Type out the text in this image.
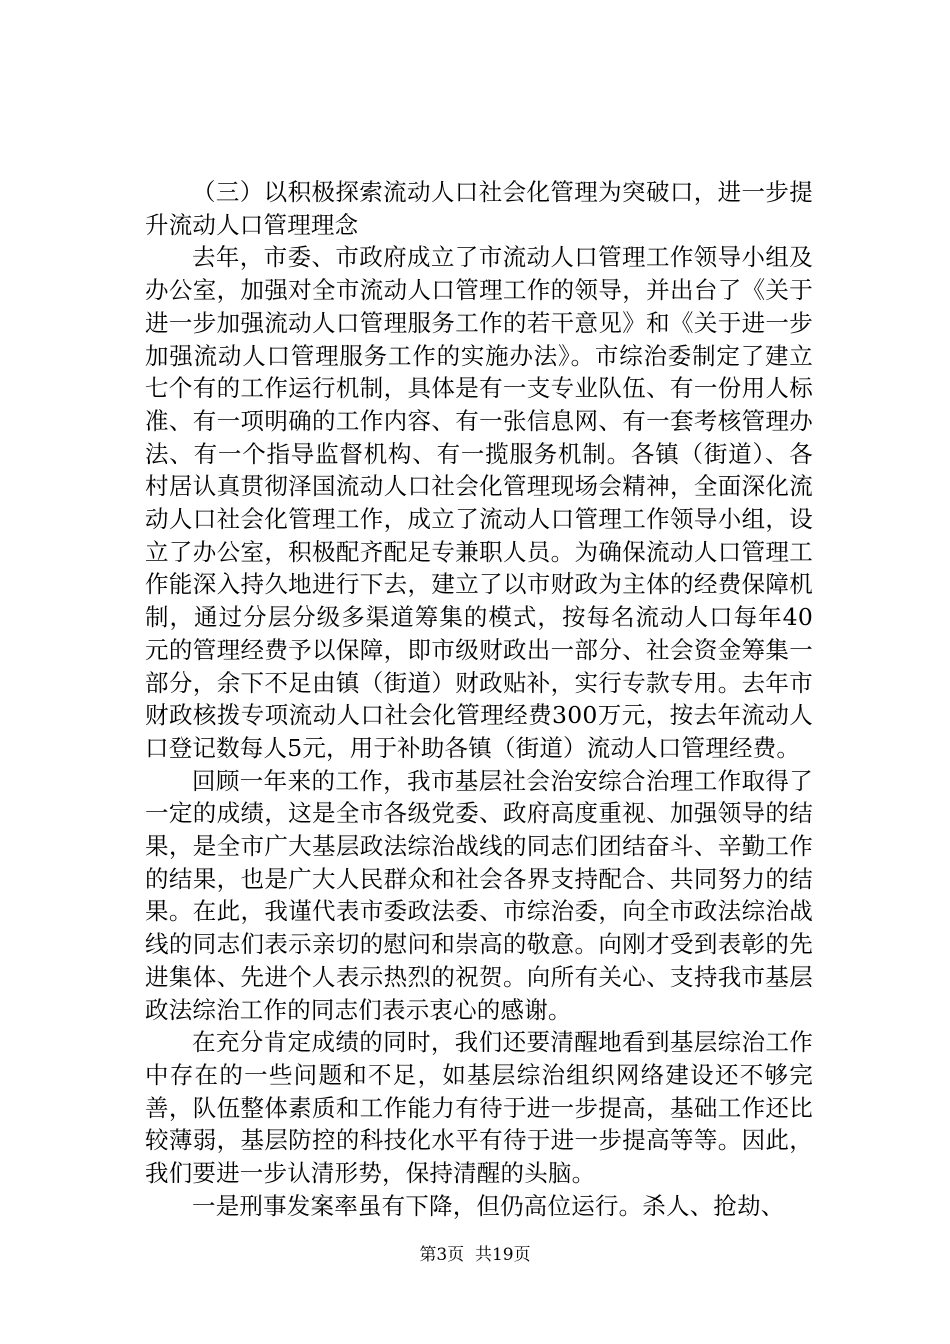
（三）以积极探索流动人口社会化管理为突破口，进一步提升流动人口管理理念

去年，市委、市政府成立了市流动人口管理工作领导小组及办公室，加强对全市流动人口管理工作的领导，并出台了《关于进一步加强流动人口管理服务工作的若干意见》和《关于进一步加强流动人口管理服务工作的实施办法》。市综治委制定了建立七个有的工作运行机制，具体是有一支专业队伍、有一份用人标准、有一项明确的工作内容、有一张信息网、有一套考核管理办法、有一个指导监督机构、有一揽服务机制。各镇（街道）、各村居认真贯彻泽国流动人口社会化管理现场会精神，全面深化流动人口社会化管理工作，成立了流动人口管理工作领导小组，设立了办公室，积极配齐配足专兼职人员。为确保流动人口管理工作能深入持久地进行下去，建立了以市财政为主体的经费保障机制，通过分层分级多渠道筹集的模式，按每名流动人口每年40元的管理经费予以保障，即市级财政出一部分、社会资金筹集一部分，余下不足由镇（街道）财政贴补，实行专款专用。去年市财政核拨专项流动人口社会化管理经费300万元，按去年流动人口登记数每人5元，用于补助各镇（街道）流动人口管理经费。

回顾一年来的工作，我市基层社会治安综合治理工作取得了一定的成绩，这是全市各级党委、政府高度重视、加强领导的结果，是全市广大基层政法综治战线的同志们团结奋斗、辛勤工作的结果，也是广大人民群众和社会各界支持配合、共同努力的结果。在此，我谨代表市委政法委、市综治委，向全市政法综治战线的同志们表示亲切的慰问和崇高的敬意。向刚才受到表彰的先进集体、先进个人表示热烈的祝贺。向所有关心、支持我市基层政法综治工作的同志们表示衷心的感谢。

在充分肯定成绩的同时，我们还要清醒地看到基层综治工作中存在的一些问题和不足，如基层综治组织网络建设还不够完善，队伍整体素质和工作能力有待于进一步提高，基础工作还比较薄弱，基层防控的科技化水平有待于进一步提高等等。因此，我们要进一步认清形势，保持清醒的头脑。

一是刑事发案率虽有下降，但仍高位运行。杀人、抢劫、

第3页  共19页
